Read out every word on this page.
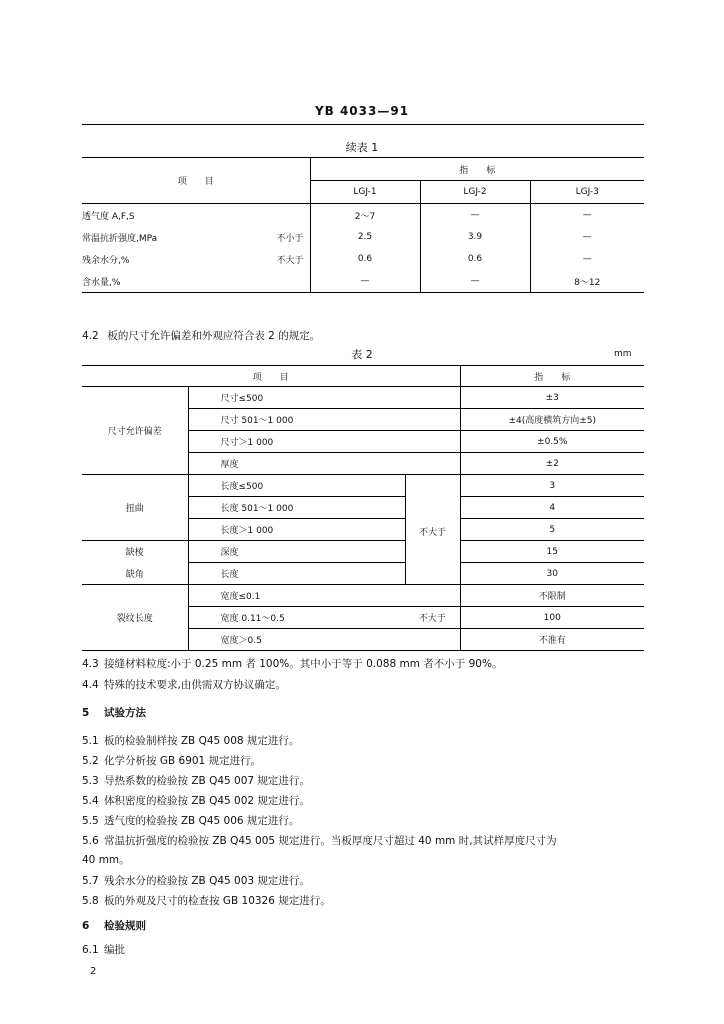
YB 4033—91
续表 1
项　　目		指　　标		
		LGJ-1	LGJ-2	LGJ-3
透气度 A,F,S		2～7	—	—
常温抗折强度,MPa	不小于	2.5	3.9	—
残余水分,%	不大于	0.6	0.6	—
含水量,%		—	—	8～12
4.2 板的尺寸允许偏差和外观应符合表 2 的规定。
表 2	mm
项　　目			指　　标
尺寸允许偏差	尺寸≤500		±3
	尺寸 501～1 000		±4(高度横筑方向±5)
	尺寸＞1 000		±0.5%
	厚度		±2
扭曲	长度≤500	不大于	3
	长度 501～1 000		4
	长度＞1 000		5
缺棱	深度		15
缺角	长度		30
裂纹长度	宽度≤0.1		不限制
	宽度 0.11～0.5	不大于	100
	宽度＞0.5		不准有
4.3 接缝材料粒度:小于 0.25 mm 者 100%。其中小于等于 0.088 mm 者不小于 90%。
4.4 特殊的技术要求,由供需双方协议确定。
5 试验方法
5.1 板的检验制样按 ZB Q45 008 规定进行。
5.2 化学分析按 GB 6901 规定进行。
5.3 导热系数的检验按 ZB Q45 007 规定进行。
5.4 体积密度的检验按 ZB Q45 002 规定进行。
5.5 透气度的检验按 ZB Q45 006 规定进行。
5.6 常温抗折强度的检验按 ZB Q45 005 规定进行。当板厚度尺寸超过 40 mm 时,其试样厚度尺寸为
40 mm。
5.7 残余水分的检验按 ZB Q45 003 规定进行。
5.8 板的外观及尺寸的检查按 GB 10326 规定进行。
6 检验规则
6.1 编批
2
